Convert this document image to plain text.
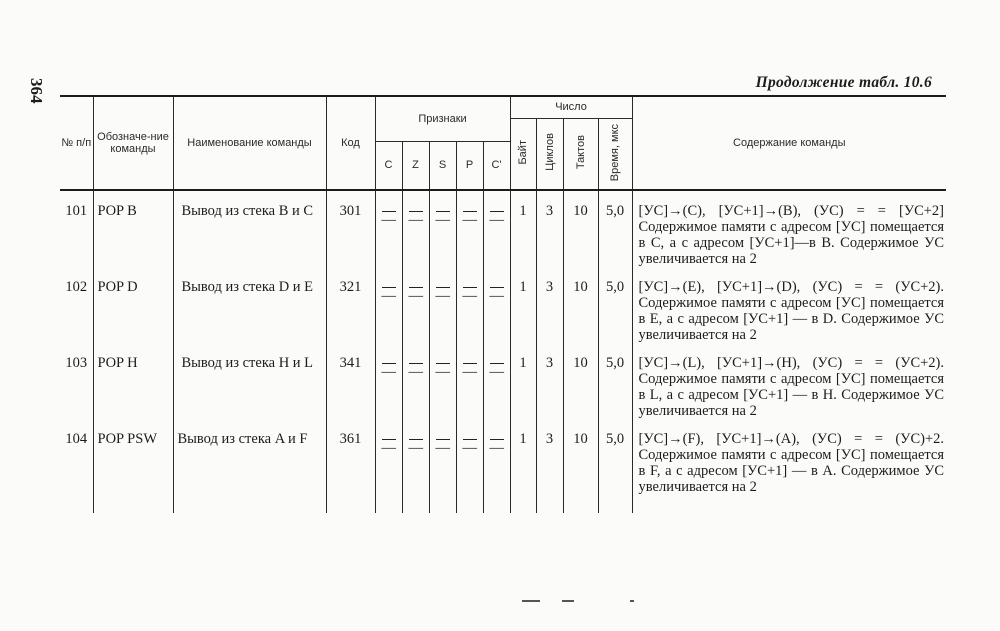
364	Продолжение табл. 10.6
№ п/п	Обозначе-ние команды	Наименование команды	Код	Признаки					Число				Содержание команды
									Байт	Циклов	Тактов	Время, мкс	
				C	Z	S	P	C'					
101	POP B	Вывод из стека B и C	301	—	—	—	—	—	1	3	10	5,0	[УС]→(C), [УС+1]→(B), (УС) = = [УС+2] Содержимое памяти с адресом [УС] помещается в C, а с адресом [УС+1]—в B. Содержимое УС увеличивается на 2
102	POP D	Вывод из стека D и E	321	—	—	—	—	—	1	3	10	5,0	[УС]→(E), [УС+1]→(D), (УС) = = (УС+2). Содержимое памяти с адресом [УС] помещается в E, а с адресом [УС+1] — в D. Содержимое УС увеличивается на 2
103	POP H	Вывод из стека H и L	341	—	—	—	—	—	1	3	10	5,0	[УС]→(L), [УС+1]→(H), (УС) = = (УС+2). Содержимое памяти с адресом [УС] помещается в L, а с адресом [УС+1] — в H. Содержимое УС увеличивается на 2
104	POP PSW	Вывод из стека A и F	361	—	—	—	—	—	1	3	10	5,0	[УС]→(F), [УС+1]→(A), (УС) = = (УС)+2. Содержимое памяти с адресом [УС] помещается в F, а с адресом [УС+1] — в A. Содержимое УС увеличивается на 2
